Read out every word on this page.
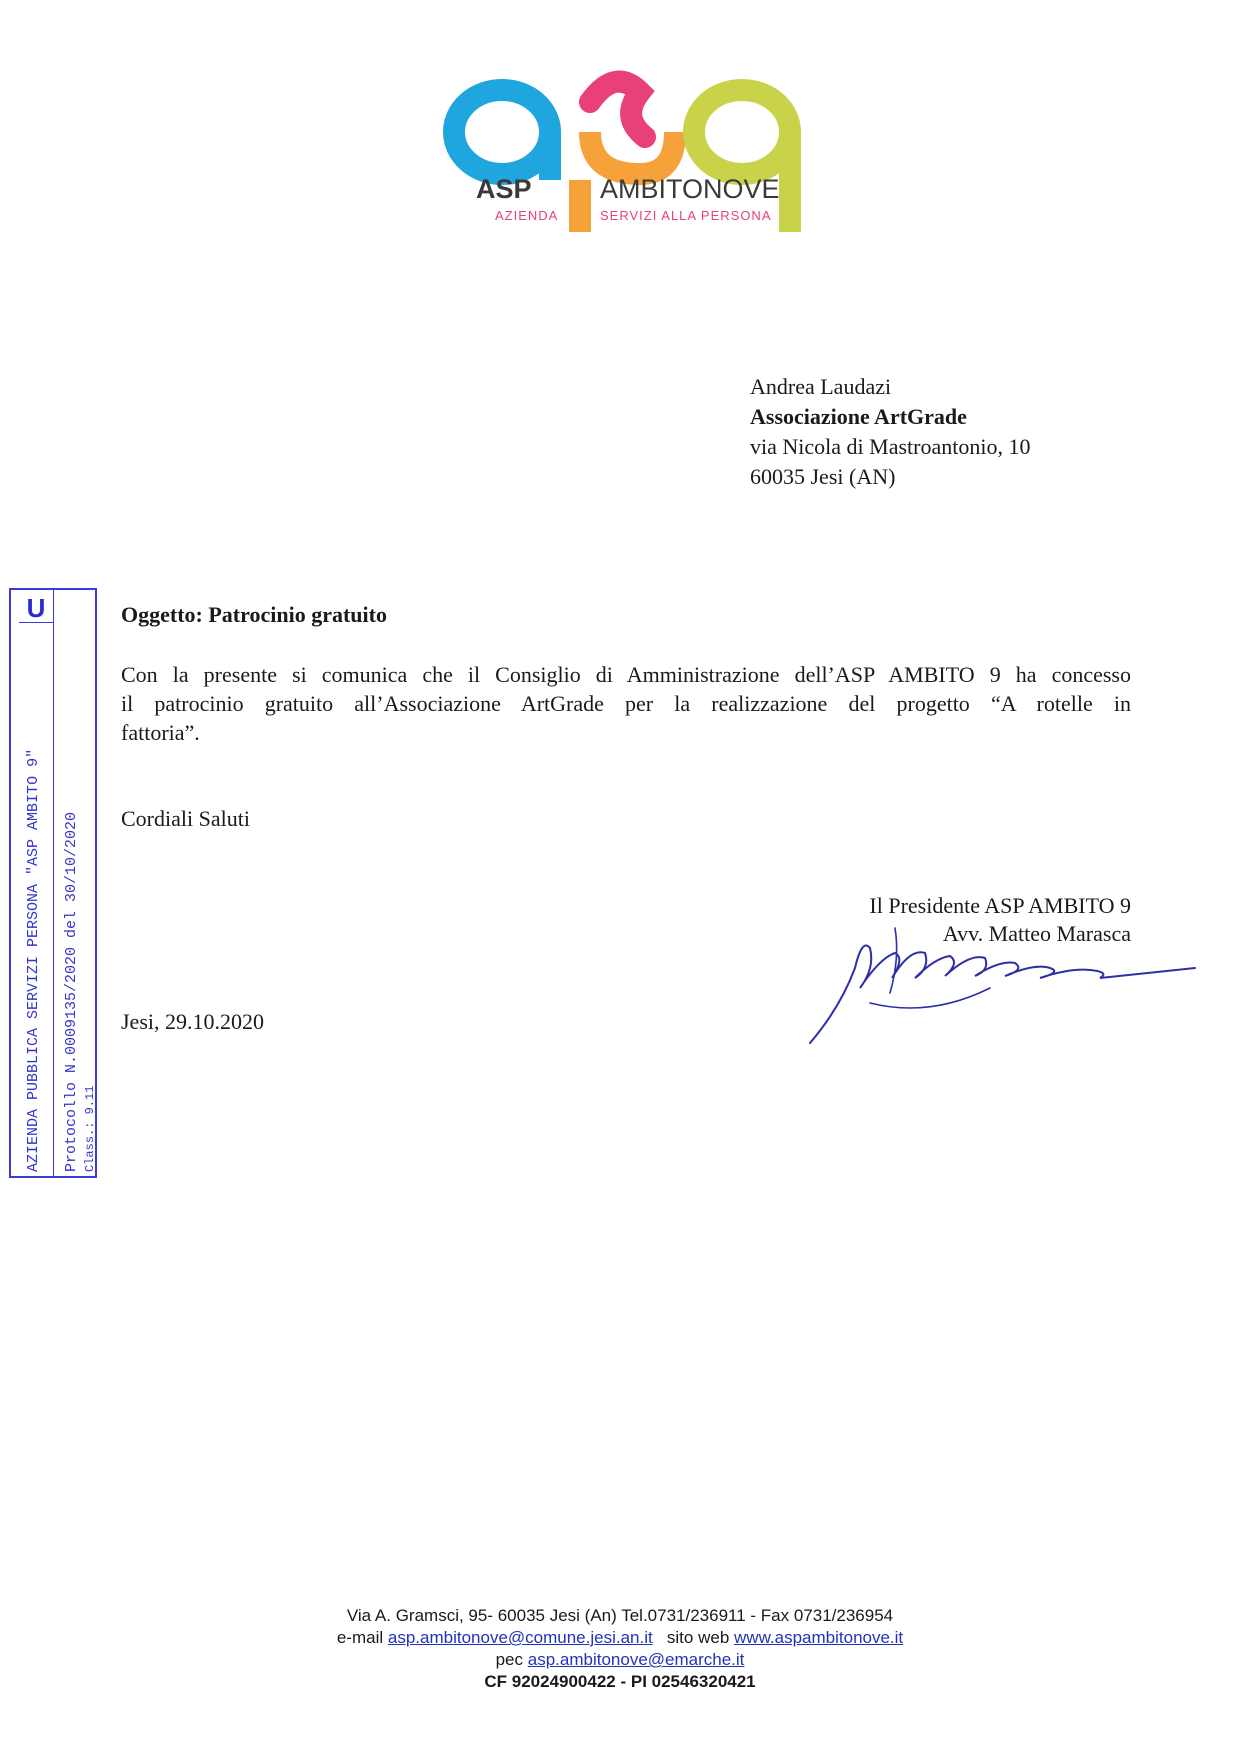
ASP	AMBITONOVE
AZIENDA	SERVIZI ALLA PERSONA
Andrea Laudazi
Associazione ArtGrade
via Nicola di Mastroantonio, 10
60035 Jesi (AN)
U
AZIENDA PUBBLICA SERVIZI PERSONA "ASP AMBITO 9" Protocollo N.0009135/2020 del 30/10/2020 Class.: 9.11
Oggetto: Patrocinio gratuito
Con la presente si comunica che il Consiglio di Amministrazione dell’ASP AMBITO 9 ha concesso
il patrocinio gratuito all’Associazione ArtGrade per la realizzazione del progetto “A rotelle in
fattoria”.
Cordiali Saluti
Il Presidente ASP AMBITO 9
Avv. Matteo Marasca
Jesi, 29.10.2020
Via A. Gramsci, 95- 60035 Jesi (An) Tel.0731/236911 - Fax 0731/236954
e-mail asp.ambitonove@comune.jesi.an.it sito web www.aspambitonove.it
pec asp.ambitonove@emarche.it
CF 92024900422 - PI 02546320421
